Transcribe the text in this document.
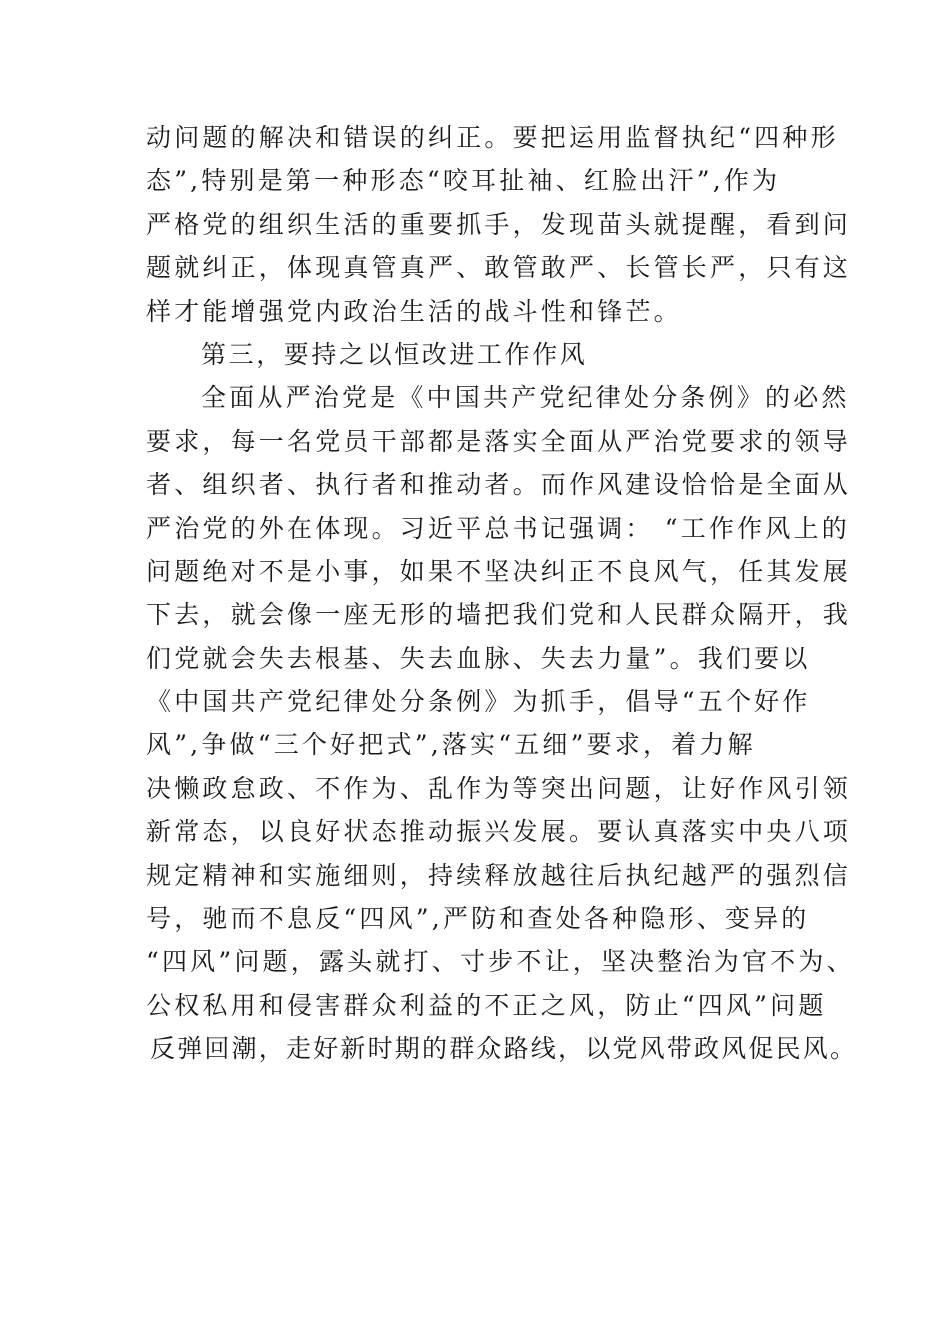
动问题的解决和错误的纠正。要把运用监督执纪“四种形
态”,特别是第一种形态“咬耳扯袖、红脸出汗”,作为
严格党的组织生活的重要抓手，发现苗头就提醒，看到问
题就纠正，体现真管真严、敢管敢严、长管长严，只有这
样才能增强党内政治生活的战斗性和锋芒。
第三，要持之以恒改进工作作风
全面从严治党是《中国共产党纪律处分条例》的必然
要求，每一名党员干部都是落实全面从严治党要求的领导
者、组织者、执行者和推动者。而作风建设恰恰是全面从
严治党的外在体现。习近平总书记强调： “工作作风上的
问题绝对不是小事，如果不坚决纠正不良风气，任其发展
下去，就会像一座无形的墙把我们党和人民群众隔开，我
们党就会失去根基、失去血脉、失去力量”。我们要以
《中国共产党纪律处分条例》为抓手，倡导“五个好作
风”,争做“三个好把式”,落实“五细”要求，着力解
决懒政怠政、不作为、乱作为等突出问题，让好作风引领
新常态，以良好状态推动振兴发展。要认真落实中央八项
规定精神和实施细则，持续释放越往后执纪越严的强烈信
号，驰而不息反“四风”,严防和查处各种隐形、变异的
“四风”问题，露头就打、寸步不让，坚决整治为官不为、
公权私用和侵害群众利益的不正之风，防止“四风”问题
反弹回潮，走好新时期的群众路线，以党风带政风促民风。
